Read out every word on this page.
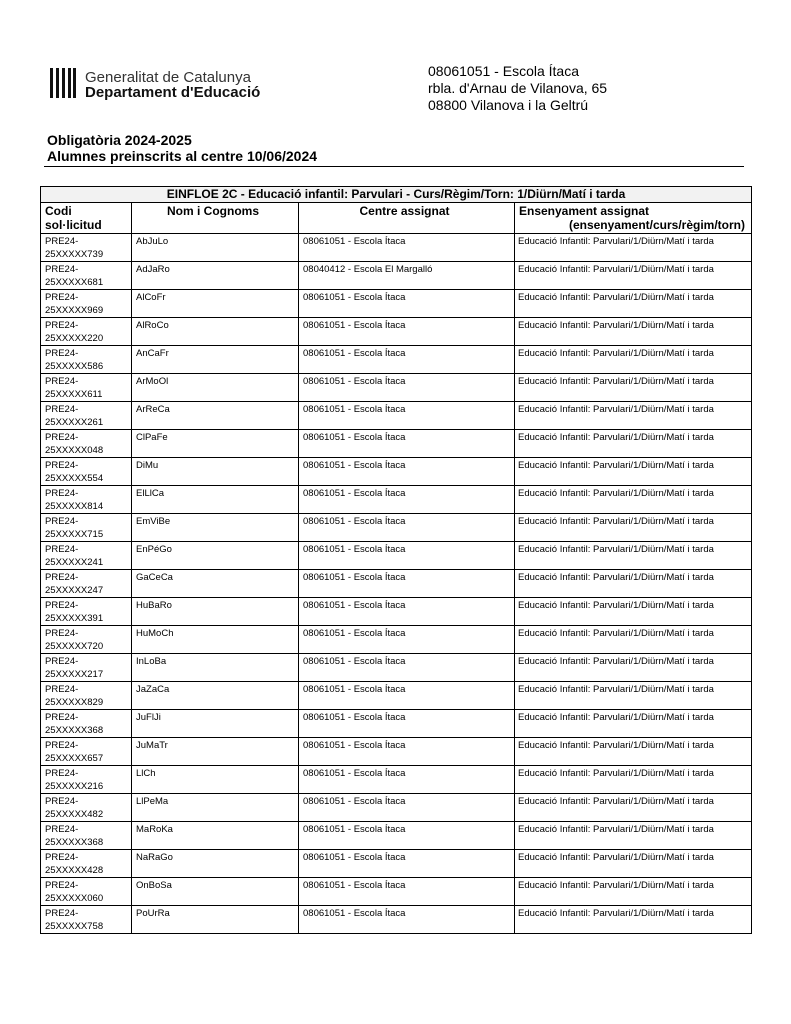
Generalitat de Catalunya
Departament d'Educació
08061051 - Escola Ítaca
rbla. d'Arnau de Vilanova, 65
08800 Vilanova i la Geltrú
Obligatòria 2024-2025
Alumnes preinscrits al centre 10/06/2024
EINFLOE 2C - Educació infantil: Parvulari - Curs/Règim/Torn: 1/Diürn/Matí i tarda
Codi
sol·licitud
Nom i Cognoms	Centre assignat	Ensenyament assignat
(ensenyament/curs/règim/torn)
PRE24-
25XXXXX739
AbJuLo	08061051 - Escola Ítaca	Educació Infantil: Parvulari/1/Diürn/Matí i tarda
PRE24-
25XXXXX681
AdJaRo	08040412 - Escola El Margalló	Educació Infantil: Parvulari/1/Diürn/Matí i tarda
PRE24-
25XXXXX969
AlCoFr	08061051 - Escola Ítaca	Educació Infantil: Parvulari/1/Diürn/Matí i tarda
PRE24-
25XXXXX220
AlRoCo	08061051 - Escola Ítaca	Educació Infantil: Parvulari/1/Diürn/Matí i tarda
PRE24-
25XXXXX586
AnCaFr	08061051 - Escola Ítaca	Educació Infantil: Parvulari/1/Diürn/Matí i tarda
PRE24-
25XXXXX611
ArMoOl	08061051 - Escola Ítaca	Educació Infantil: Parvulari/1/Diürn/Matí i tarda
PRE24-
25XXXXX261
ArReCa	08061051 - Escola Ítaca	Educació Infantil: Parvulari/1/Diürn/Matí i tarda
PRE24-
25XXXXX048
ClPaFe	08061051 - Escola Ítaca	Educació Infantil: Parvulari/1/Diürn/Matí i tarda
PRE24-
25XXXXX554
DiMu	08061051 - Escola Ítaca	Educació Infantil: Parvulari/1/Diürn/Matí i tarda
PRE24-
25XXXXX814
ElLlCa	08061051 - Escola Ítaca	Educació Infantil: Parvulari/1/Diürn/Matí i tarda
PRE24-
25XXXXX715
EmViBe	08061051 - Escola Ítaca	Educació Infantil: Parvulari/1/Diürn/Matí i tarda
PRE24-
25XXXXX241
EnPéGo	08061051 - Escola Ítaca	Educació Infantil: Parvulari/1/Diürn/Matí i tarda
PRE24-
25XXXXX247
GaCeCa	08061051 - Escola Ítaca	Educació Infantil: Parvulari/1/Diürn/Matí i tarda
PRE24-
25XXXXX391
HuBaRo	08061051 - Escola Ítaca	Educació Infantil: Parvulari/1/Diürn/Matí i tarda
PRE24-
25XXXXX720
HuMoCh	08061051 - Escola Ítaca	Educació Infantil: Parvulari/1/Diürn/Matí i tarda
PRE24-
25XXXXX217
InLoBa	08061051 - Escola Ítaca	Educació Infantil: Parvulari/1/Diürn/Matí i tarda
PRE24-
25XXXXX829
JaZaCa	08061051 - Escola Ítaca	Educació Infantil: Parvulari/1/Diürn/Matí i tarda
PRE24-
25XXXXX368
JuFlJi	08061051 - Escola Ítaca	Educació Infantil: Parvulari/1/Diürn/Matí i tarda
PRE24-
25XXXXX657
JuMaTr	08061051 - Escola Ítaca	Educació Infantil: Parvulari/1/Diürn/Matí i tarda
PRE24-
25XXXXX216
LlCh	08061051 - Escola Ítaca	Educació Infantil: Parvulari/1/Diürn/Matí i tarda
PRE24-
25XXXXX482
LlPeMa	08061051 - Escola Ítaca	Educació Infantil: Parvulari/1/Diürn/Matí i tarda
PRE24-
25XXXXX368
MaRoKa	08061051 - Escola Ítaca	Educació Infantil: Parvulari/1/Diürn/Matí i tarda
PRE24-
25XXXXX428
NaRaGo	08061051 - Escola Ítaca	Educació Infantil: Parvulari/1/Diürn/Matí i tarda
PRE24-
25XXXXX060
OnBoSa	08061051 - Escola Ítaca	Educació Infantil: Parvulari/1/Diürn/Matí i tarda
PRE24-
25XXXXX758
PoUrRa	08061051 - Escola Ítaca	Educació Infantil: Parvulari/1/Diürn/Matí i tarda
